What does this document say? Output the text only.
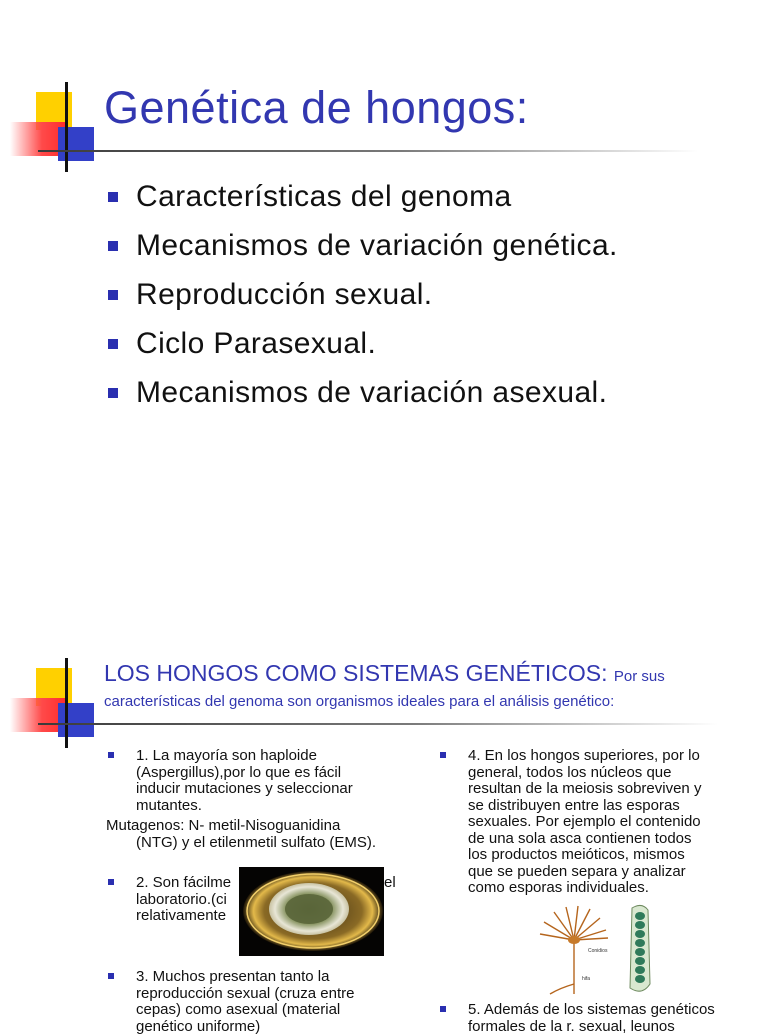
Genética de hongos:
Características del genoma
Mecanismos de variación genética.
Reproducción sexual.
Ciclo Parasexual.
Mecanismos de variación asexual.
LOS HONGOS COMO SISTEMAS GENÉTICOS: Por sus
características del genoma son organismos ideales para el análisis genético:
1. La mayoría son haploide
(Aspergillus),por lo que es fácil
inducir mutaciones y seleccionar
mutantes.
Mutagenos: N- metil-Nisoguanidina
(NTG) y el etilenmetil sulfato (EMS).
2. Son fácilme
laboratorio.(ci
relativamente
el
3. Muchos presentan tanto la
reproducción sexual (cruza entre
cepas) como asexual (material
genético uniforme)
4. En los hongos superiores, por lo
general, todos los núcleos que
resultan de la meiosis sobreviven y
se distribuyen entre las esporas
sexuales. Por ejemplo el contenido
de una sola asca contienen todos
los productos meióticos, mismos
que se pueden separa y analizar
como esporas individuales.
Conidios
hifa
5. Además de los sistemas genéticos
formales de la r. sexual, leunos
